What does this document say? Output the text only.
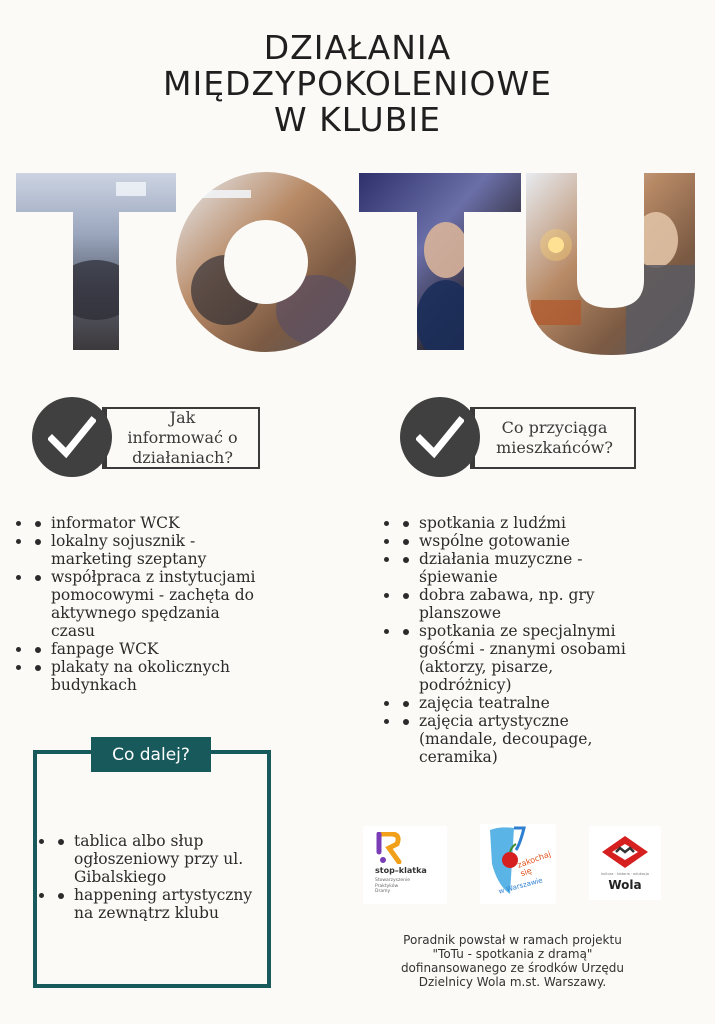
DZIAŁANIA
MIĘDZYPOKOLENIOWE
W KLUBIE
Jak
informować o
działaniach?
Co przyciąga
mieszkańców?
• informator WCK
• lokalny sojusznik -
marketing szeptany
• współpraca z instytucjami
pomocowymi - zachęta do
aktywnego spędzania
czasu
• fanpage WCK
• plakaty na okolicznych
budynkach
• spotkania z ludźmi
• wspólne gotowanie
• działania muzyczne -
śpiewanie
• dobra zabawa, np. gry
planszowe
• spotkania ze specjalnymi
gośćmi - znanymi osobami
(aktorzy, pisarze,
podróżnicy)
• zajęcia teatralne
• zajęcia artystyczne
(mandale, decoupage,
ceramika)
Co dalej?
• tablica albo słup
ogłoszeniowy przy ul.
Gibalskiego
• happening artystyczny
na zewnątrz klubu
stop–klatka
Stowarzyszenie
Praktyków
Dramy
zakochaj się
w Warszawie
kultura · historia · edukacja
Wola
Poradnik powstał w ramach projektu
"ToTu - spotkania z dramą"
dofinansowanego ze środków Urzędu
Dzielnicy Wola m.st. Warszawy.
